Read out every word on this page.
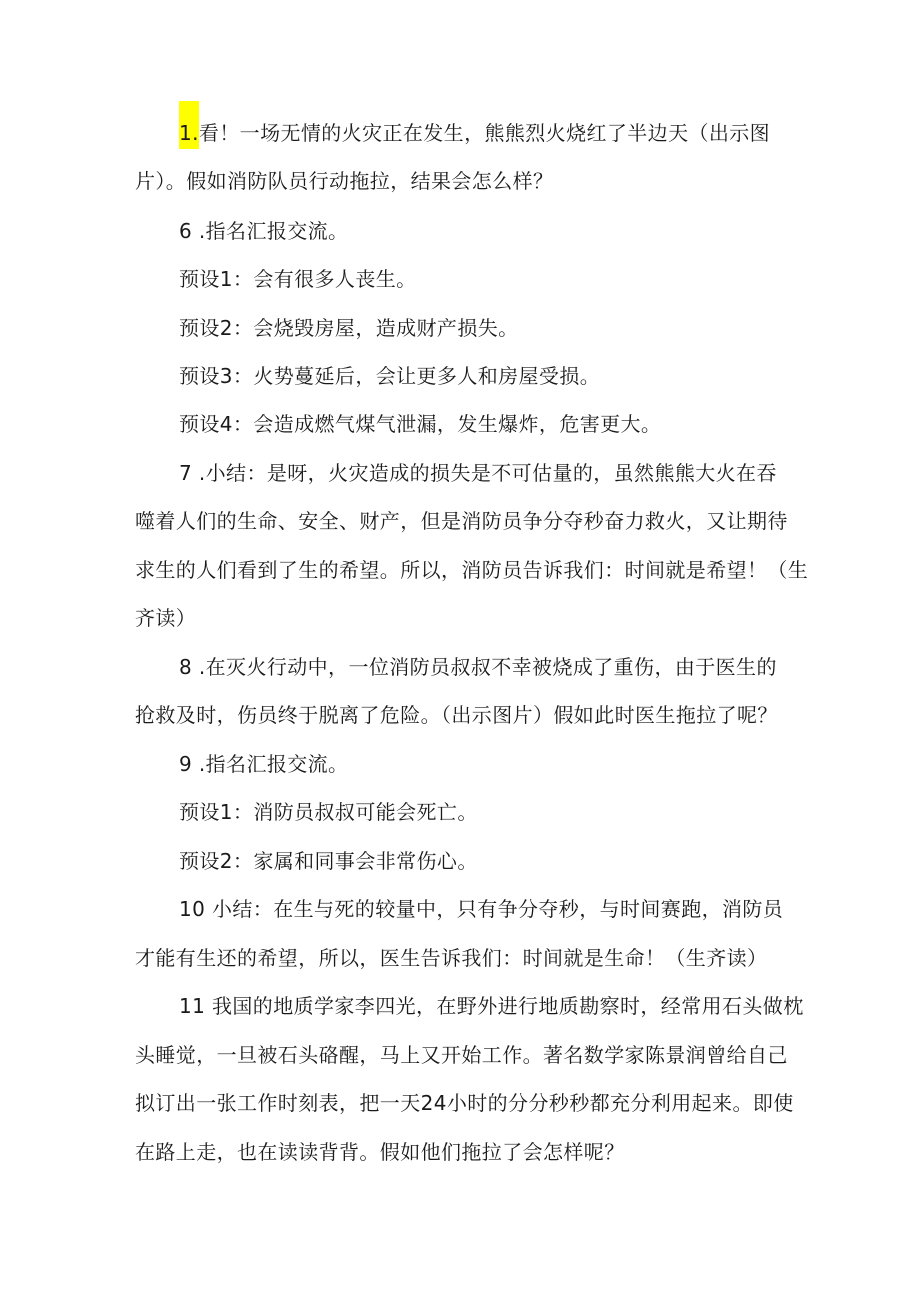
1.看！一场无情的火灾正在发生，熊熊烈火烧红了半边天（出示图
片）。假如消防队员行动拖拉，结果会怎么样？
6 .指名汇报交流。
预设1：会有很多人丧生。
预设2：会烧毁房屋，造成财产损失。
预设3：火势蔓延后，会让更多人和房屋受损。
预设4：会造成燃气煤气泄漏，发生爆炸，危害更大。
7 .小结：是呀，火灾造成的损失是不可估量的，虽然熊熊大火在吞
噬着人们的生命、安全、财产，但是消防员争分夺秒奋力救火，又让期待
求生的人们看到了生的希望。所以，消防员告诉我们：时间就是希望！（生
齐读）
8 .在灭火行动中，一位消防员叔叔不幸被烧成了重伤，由于医生的
抢救及时，伤员终于脱离了危险。（出示图片）假如此时医生拖拉了呢？
9 .指名汇报交流。
预设1：消防员叔叔可能会死亡。
预设2：家属和同事会非常伤心。
10 小结：在生与死的较量中，只有争分夺秒，与时间赛跑，消防员
才能有生还的希望，所以，医生告诉我们：时间就是生命！（生齐读）
11 我国的地质学家李四光，在野外进行地质勘察时，经常用石头做枕
头睡觉，一旦被石头硌醒，马上又开始工作。著名数学家陈景润曾给自己
拟订出一张工作时刻表，把一天24小时的分分秒秒都充分利用起来。即使
在路上走，也在读读背背。假如他们拖拉了会怎样呢？
